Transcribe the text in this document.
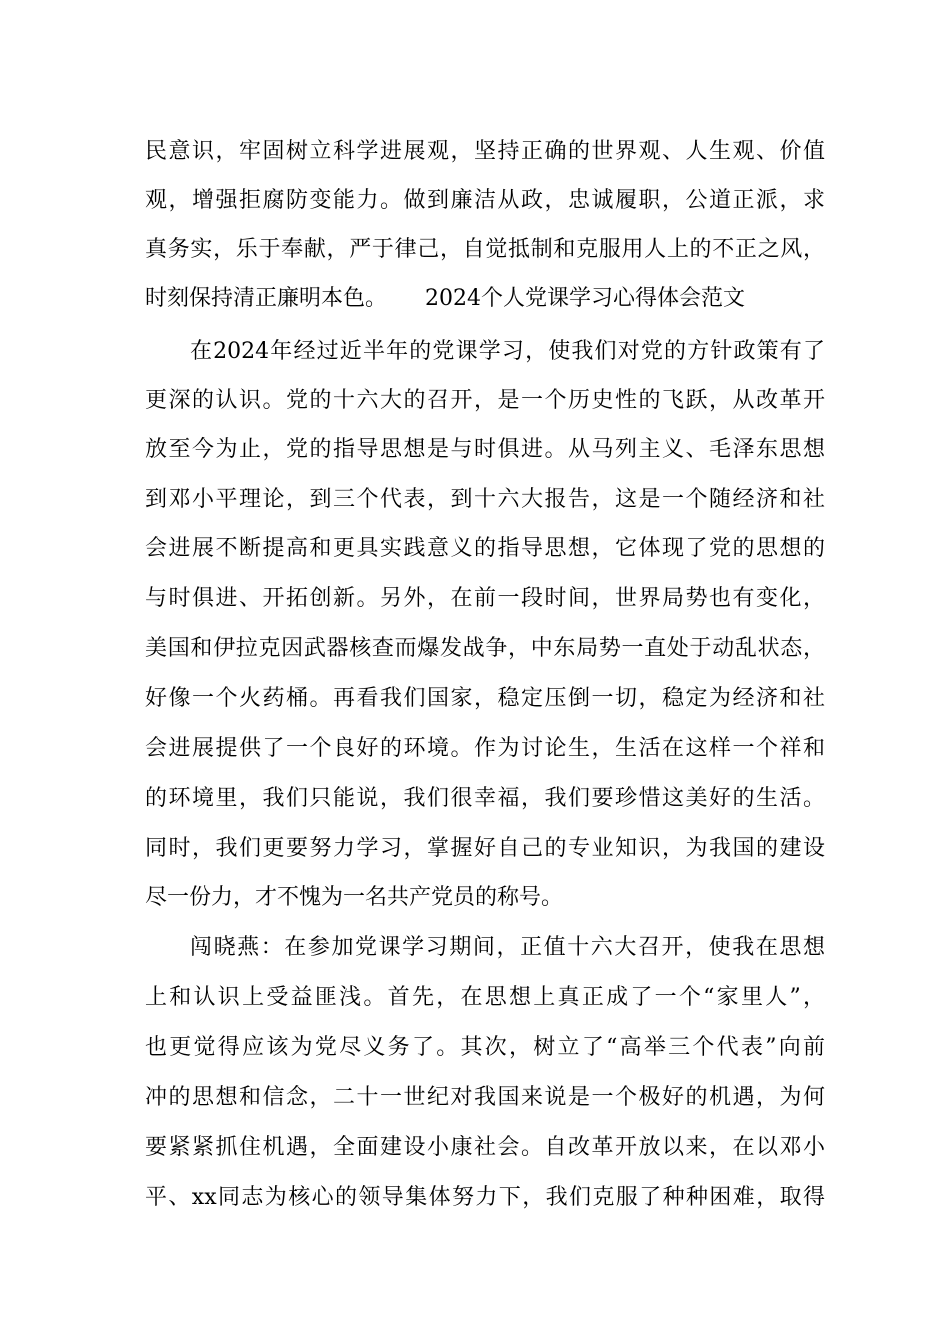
民意识，牢固树立科学进展观，坚持正确的世界观、人生观、价值
观，增强拒腐防变能力。做到廉洁从政，忠诚履职，公道正派，求
真务实，乐于奉献，严于律己，自觉抵制和克服用人上的不正之风，
时刻保持清正廉明本色。 2024个人党课学习心得体会范文
在2024年经过近半年的党课学习，使我们对党的方针政策有了
更深的认识。党的十六大的召开，是一个历史性的飞跃，从改革开
放至今为止，党的指导思想是与时俱进。从马列主义、毛泽东思想
到邓小平理论，到三个代表，到十六大报告，这是一个随经济和社
会进展不断提高和更具实践意义的指导思想，它体现了党的思想的
与时俱进、开拓创新。另外，在前一段时间，世界局势也有变化，
美国和伊拉克因武器核查而爆发战争，中东局势一直处于动乱状态，
好像一个火药桶。再看我们国家，稳定压倒一切，稳定为经济和社
会进展提供了一个良好的环境。作为讨论生，生活在这样一个祥和
的环境里，我们只能说，我们很幸福，我们要珍惜这美好的生活。
同时，我们更要努力学习，掌握好自己的专业知识，为我国的建设
尽一份力，才不愧为一名共产党员的称号。
闯晓燕：在参加党课学习期间，正值十六大召开，使我在思想
上和认识上受益匪浅。首先，在思想上真正成了一个“家里人”，
也更觉得应该为党尽义务了。其次，树立了“高举三个代表”向前
冲的思想和信念，二十一世纪对我国来说是一个极好的机遇，为何
要紧紧抓住机遇，全面建设小康社会。自改革开放以来，在以邓小
平、xx同志为核心的领导集体努力下，我们克服了种种困难，取得
